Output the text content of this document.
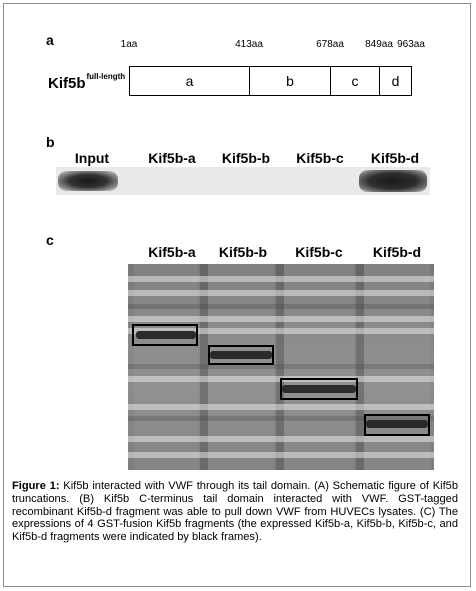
a	1aa	413aa	678aa 849aa 963aa
$Kif5b^{full-length}$	a	b	c d
b
Input	Kif5b-a Kif5b-b Kif5b-c Kif5b-d
c
Kif5b-a Kif5b-b Kif5b-c Kif5b-d
Figure 1: Kif5b interacted with VWF through its tail domain. (A) Schematic figure of Kif5b truncations. (B) Kif5b C-terminus tail domain interacted with VWF. GST-tagged recombinant Kif5b-d fragment was able to pull down VWF from HUVECs lysates. (C) The expressions of 4 GST-fusion Kif5b fragments (the expressed Kif5b-a, Kif5b-b, Kif5b-c, and Kif5b-d fragments were indicated by black frames).
